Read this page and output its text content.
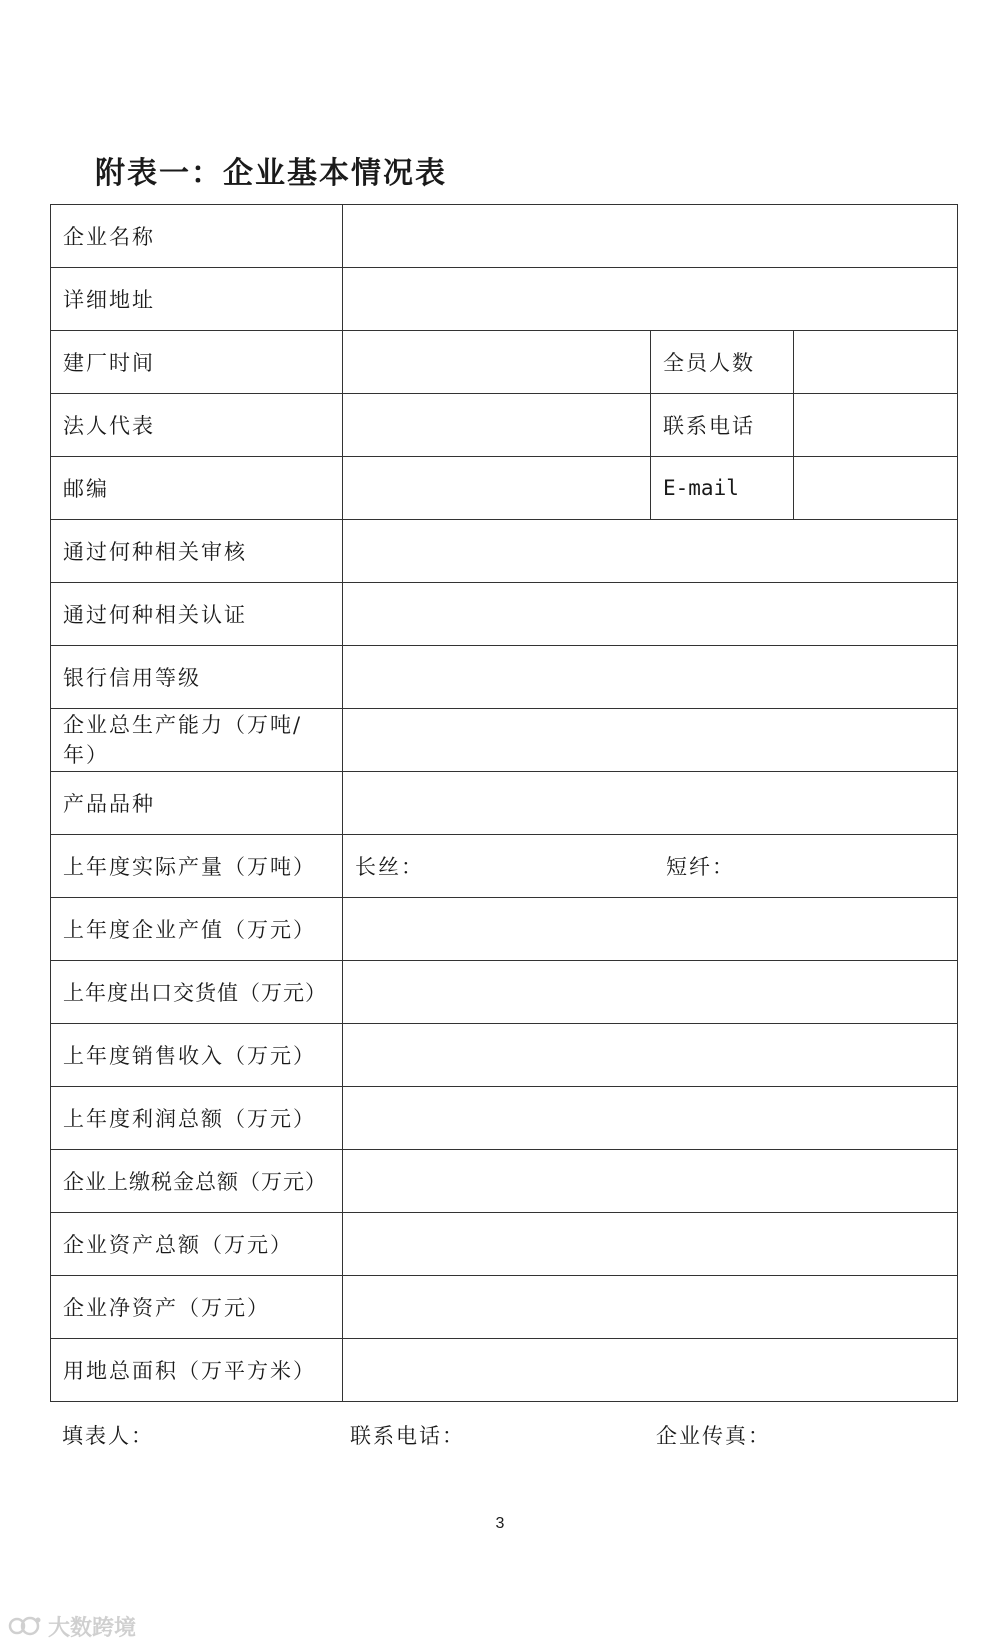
附表一：企业基本情况表
企业名称			
详细地址			
建厂时间		全员人数	
法人代表		联系电话	
邮编		E-mail	
通过何种相关审核			
通过何种相关认证			
银行信用等级			
企业总生产能力（万吨/年）			
产品品种			
上年度实际产量（万吨）	长丝： 短纤：		

上年度企业产值（万元）			
上年度出口交货值（万元）			
上年度销售收入（万元）			
上年度利润总额（万元）			
企业上缴税金总额（万元）			
企业资产总额（万元）			
企业净资产（万元）			
用地总面积（万平方米）			
填表人：	联系电话：	企业传真：
3
大数跨境
